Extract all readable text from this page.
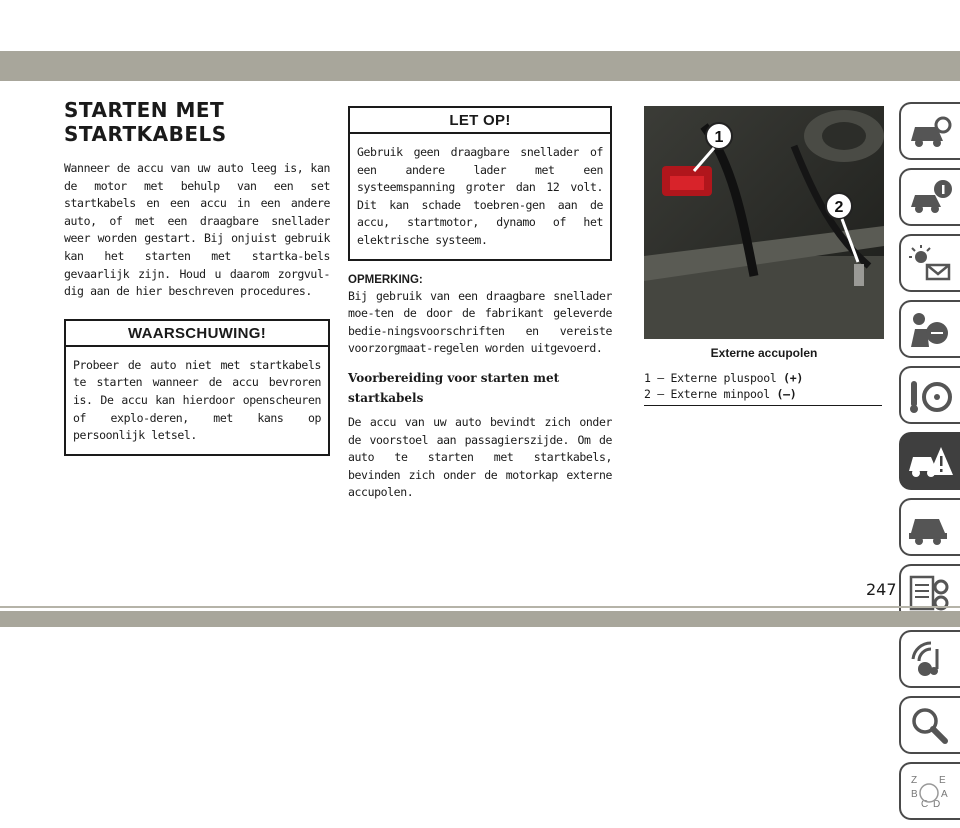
STARTEN MET
STARTKABELS

Wanneer de accu van uw auto leeg is, kan de motor met behulp van een set startkabels en een accu in een andere auto, of met een draagbare snellader weer worden gestart. Bij onjuist gebruik kan het starten met startka-bels gevaarlijk zijn. Houd u daarom zorgvul-dig aan de hier beschreven procedures.

WAARSCHUWING!
Probeer de auto niet met startkabels te starten wanneer de accu bevroren is. De accu kan hierdoor openscheuren of explo-deren, met kans op persoonlijk letsel.
LET OP!
Gebruik geen draagbare snellader of een andere lader met een systeemspanning groter dan 12 volt. Dit kan schade toebren-gen aan de accu, startmotor, dynamo of het elektrische systeem.
OPMERKING:

Bij gebruik van een draagbare snellader moe-ten de door de fabrikant geleverde bedie-ningsvoorschriften en vereiste voorzorgmaat-regelen worden uitgevoerd.

Voorbereiding voor starten met startkabels

De accu van uw auto bevindt zich onder de voorstoel aan passagierszijde. Om de auto te starten met startkabels, bevinden zich onder de motorkap externe accupolen.

1
2
Externe accupolen
1 — Externe pluspool (+)
2 — Externe minpool (–)
Z E
B A
C D
247
